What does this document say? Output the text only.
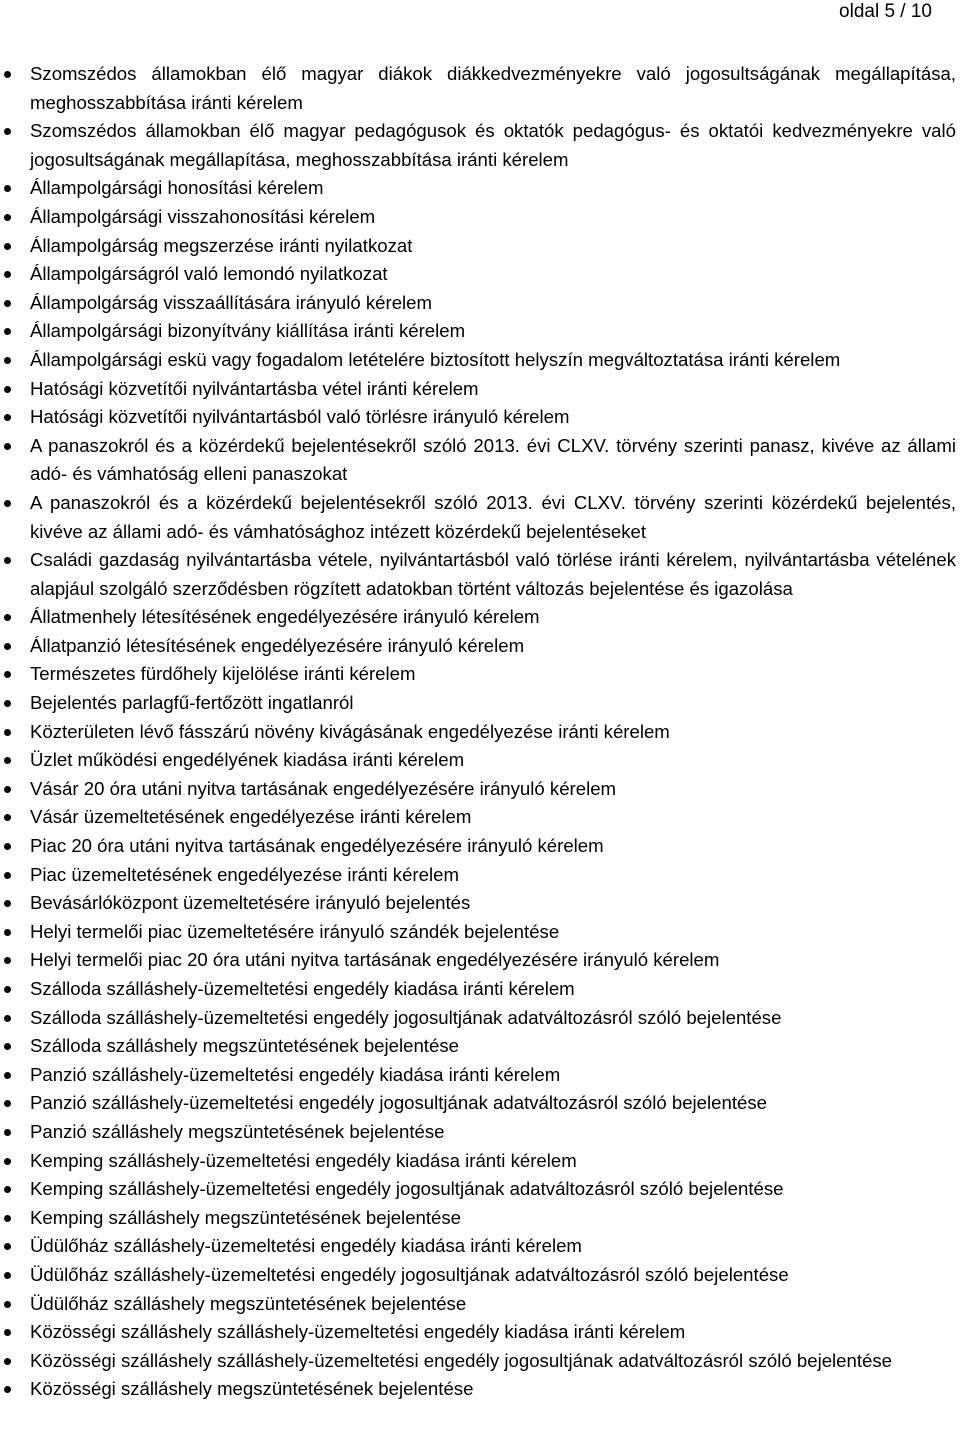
oldal 5 / 10
Szomszédos államokban élő magyar diákok diákkedvezményekre való jogosultságának megállapítása, meghosszabbítása iránti kérelem
Szomszédos államokban élő magyar pedagógusok és oktatók pedagógus- és oktatói kedvezményekre való jogosultságának megállapítása, meghosszabbítása iránti kérelem
Állampolgársági honosítási kérelem
Állampolgársági visszahonosítási kérelem
Állampolgárság megszerzése iránti nyilatkozat
Állampolgárságról való lemondó nyilatkozat
Állampolgárság visszaállítására irányuló kérelem
Állampolgársági bizonyítvány kiállítása iránti kérelem
Állampolgársági eskü vagy fogadalom letételére biztosított helyszín megváltoztatása iránti kérelem
Hatósági közvetítői nyilvántartásba vétel iránti kérelem
Hatósági közvetítői nyilvántartásból való törlésre irányuló kérelem
A panaszokról és a közérdekű bejelentésekről szóló 2013. évi CLXV. törvény szerinti panasz, kivéve az állami adó- és vámhatóság elleni panaszokat
A panaszokról és a közérdekű bejelentésekről szóló 2013. évi CLXV. törvény szerinti közérdekű bejelentés, kivéve az állami adó- és vámhatósághoz intézett közérdekű bejelentéseket
Családi gazdaság nyilvántartásba vétele, nyilvántartásból való törlése iránti kérelem, nyilvántartásba vételének alapjául szolgáló szerződésben rögzített adatokban történt változás bejelentése és igazolása
Állatmenhely létesítésének engedélyezésére irányuló kérelem
Állatpanzió létesítésének engedélyezésére irányuló kérelem
Természetes fürdőhely kijelölése iránti kérelem
Bejelentés parlagfű-fertőzött ingatlanról
Közterületen lévő fásszárú növény kivágásának engedélyezése iránti kérelem
Üzlet működési engedélyének kiadása iránti kérelem
Vásár 20 óra utáni nyitva tartásának engedélyezésére irányuló kérelem
Vásár üzemeltetésének engedélyezése iránti kérelem
Piac 20 óra utáni nyitva tartásának engedélyezésére irányuló kérelem
Piac üzemeltetésének engedélyezése iránti kérelem
Bevásárlóközpont üzemeltetésére irányuló bejelentés
Helyi termelői piac üzemeltetésére irányuló szándék bejelentése
Helyi termelői piac 20 óra utáni nyitva tartásának engedélyezésére irányuló kérelem
Szálloda szálláshely-üzemeltetési engedély kiadása iránti kérelem
Szálloda szálláshely-üzemeltetési engedély jogosultjának adatváltozásról szóló bejelentése
Szálloda szálláshely megszüntetésének bejelentése
Panzió szálláshely-üzemeltetési engedély kiadása iránti kérelem
Panzió szálláshely-üzemeltetési engedély jogosultjának adatváltozásról szóló bejelentése
Panzió szálláshely megszüntetésének bejelentése
Kemping szálláshely-üzemeltetési engedély kiadása iránti kérelem
Kemping szálláshely-üzemeltetési engedély jogosultjának adatváltozásról szóló bejelentése
Kemping szálláshely megszüntetésének bejelentése
Üdülőház szálláshely-üzemeltetési engedély kiadása iránti kérelem
Üdülőház szálláshely-üzemeltetési engedély jogosultjának adatváltozásról szóló bejelentése
Üdülőház szálláshely megszüntetésének bejelentése
Közösségi szálláshely szálláshely-üzemeltetési engedély kiadása iránti kérelem
Közösségi szálláshely szálláshely-üzemeltetési engedély jogosultjának adatváltozásról szóló bejelentése
Közösségi szálláshely megszüntetésének bejelentése
